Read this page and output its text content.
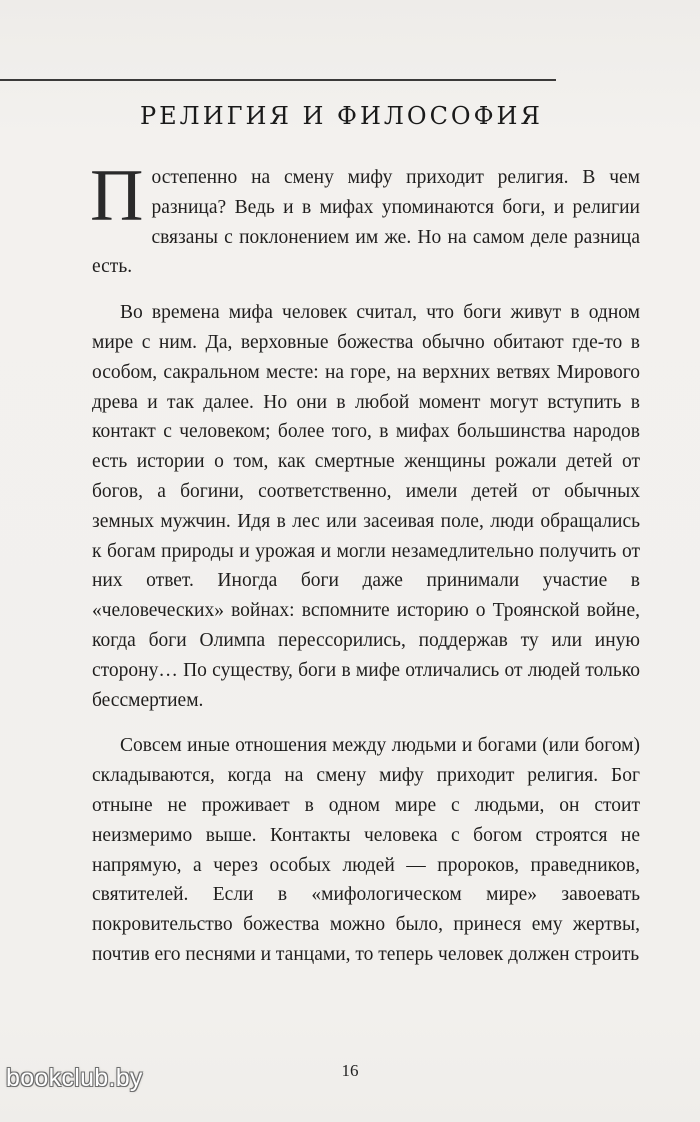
РЕЛИГИЯ И ФИЛОСОФИЯ

Постепенно на смену мифу приходит религия. В чем разница? Ведь и в мифах упоминаются боги, и религии связаны с поклонением им же. Но на самом деле разница есть.

Во времена мифа человек считал, что боги живут в одном мире с ним. Да, верховные божества обычно обитают где-то в особом, сакральном месте: на горе, на верхних ветвях Мирового древа и так далее. Но они в любой момент могут вступить в контакт с человеком; более того, в мифах большинства народов есть истории о том, как смертные женщины рожали детей от богов, а богини, соответственно, имели детей от обычных земных мужчин. Идя в лес или засеивая поле, люди обращались к богам природы и урожая и могли незамедлительно получить от них ответ. Иногда боги даже принимали участие в «человеческих» войнах: вспомните историю о Троянской войне, когда боги Олимпа перессорились, поддержав ту или иную сторону… По существу, боги в мифе отличались от людей только бессмертием.

Совсем иные отношения между людьми и богами (или богом) складываются, когда на смену мифу приходит религия. Бог отныне не проживает в одном мире с людьми, он стоит неизмеримо выше. Контакты человека с богом строятся не напрямую, а через особых людей — пророков, праведников, святителей. Если в «мифологическом мире» завоевать покровительство божества можно было, принеся ему жертвы, почтив его песнями и танцами, то теперь человек должен строить

16
bookclub.by
